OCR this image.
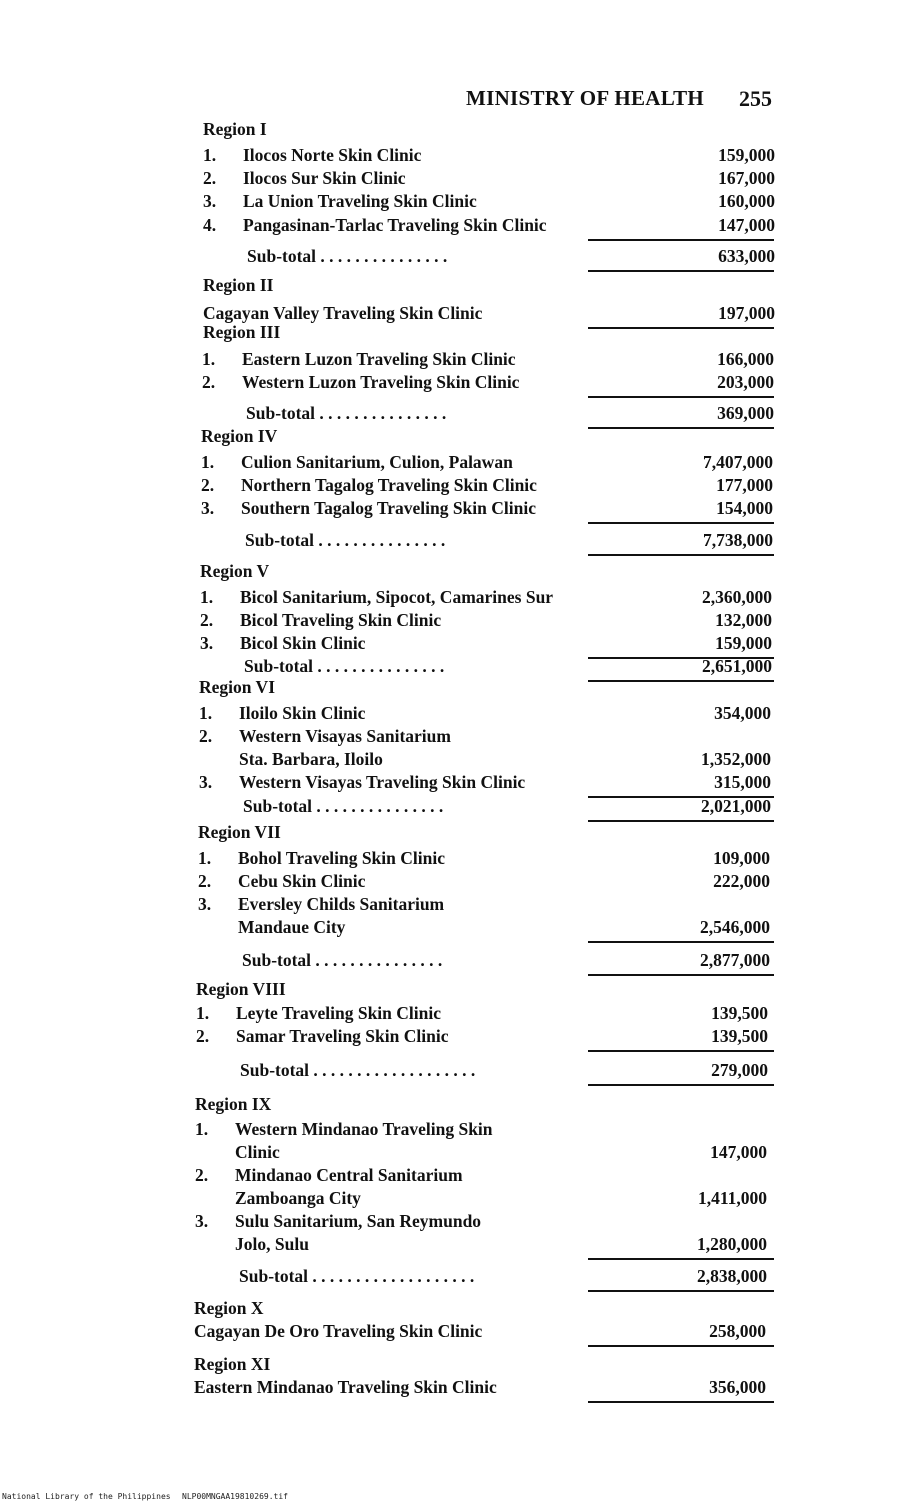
MINISTRY OF HEALTH 255
Region I
1.	Ilocos Norte Skin Clinic	159,000
2.	Ilocos Sur Skin Clinic	167,000
3.	La Union Traveling Skin Clinic	160,000
4.	Pangasinan-Tarlac Traveling Skin Clinic	147,000
Sub-total . . . . . . . . . . . . . . .	633,000
Region II
Cagayan Valley Traveling Skin Clinic	197,000
Region III
1.	Eastern Luzon Traveling Skin Clinic	166,000
2.	Western Luzon Traveling Skin Clinic	203,000
Sub-total . . . . . . . . . . . . . . .	369,000
Region IV
1.	Culion Sanitarium, Culion, Palawan	7,407,000
2.	Northern Tagalog Traveling Skin Clinic	177,000
3.	Southern Tagalog Traveling Skin Clinic	154,000
Sub-total . . . . . . . . . . . . . . .	7,738,000
Region V
1.	Bicol Sanitarium, Sipocot, Camarines Sur	2,360,000
2.	Bicol Traveling Skin Clinic	132,000
3.	Bicol Skin Clinic	159,000
Sub-total . . . . . . . . . . . . . . .	2,651,000
Region VI
1.	Iloilo Skin Clinic	354,000
2.	Western Visayas Sanitarium
Sta. Barbara, Iloilo	1,352,000
3.	Western Visayas Traveling Skin Clinic	315,000
Sub-total . . . . . . . . . . . . . . .	2,021,000
Region VII
1.	Bohol Traveling Skin Clinic	109,000
2.	Cebu Skin Clinic	222,000
3.	Eversley Childs Sanitarium
Mandaue City	2,546,000
Sub-total . . . . . . . . . . . . . . .	2,877,000
Region VIII
1.	Leyte Traveling Skin Clinic	139,500
2.	Samar Traveling Skin Clinic	139,500
Sub-total . . . . . . . . . . . . . . . . . . .	279,000
Region IX
1.	Western Mindanao Traveling Skin
Clinic	147,000
2.	Mindanao Central Sanitarium
Zamboanga City	1,411,000
3.	Sulu Sanitarium, San Reymundo
Jolo, Sulu	1,280,000
Sub-total . . . . . . . . . . . . . . . . . . .	2,838,000
Region X
Cagayan De Oro Traveling Skin Clinic	258,000
Region XI
Eastern Mindanao Traveling Skin Clinic	356,000
National Library of the Philippines NLP00MNGAA19810269.tif
